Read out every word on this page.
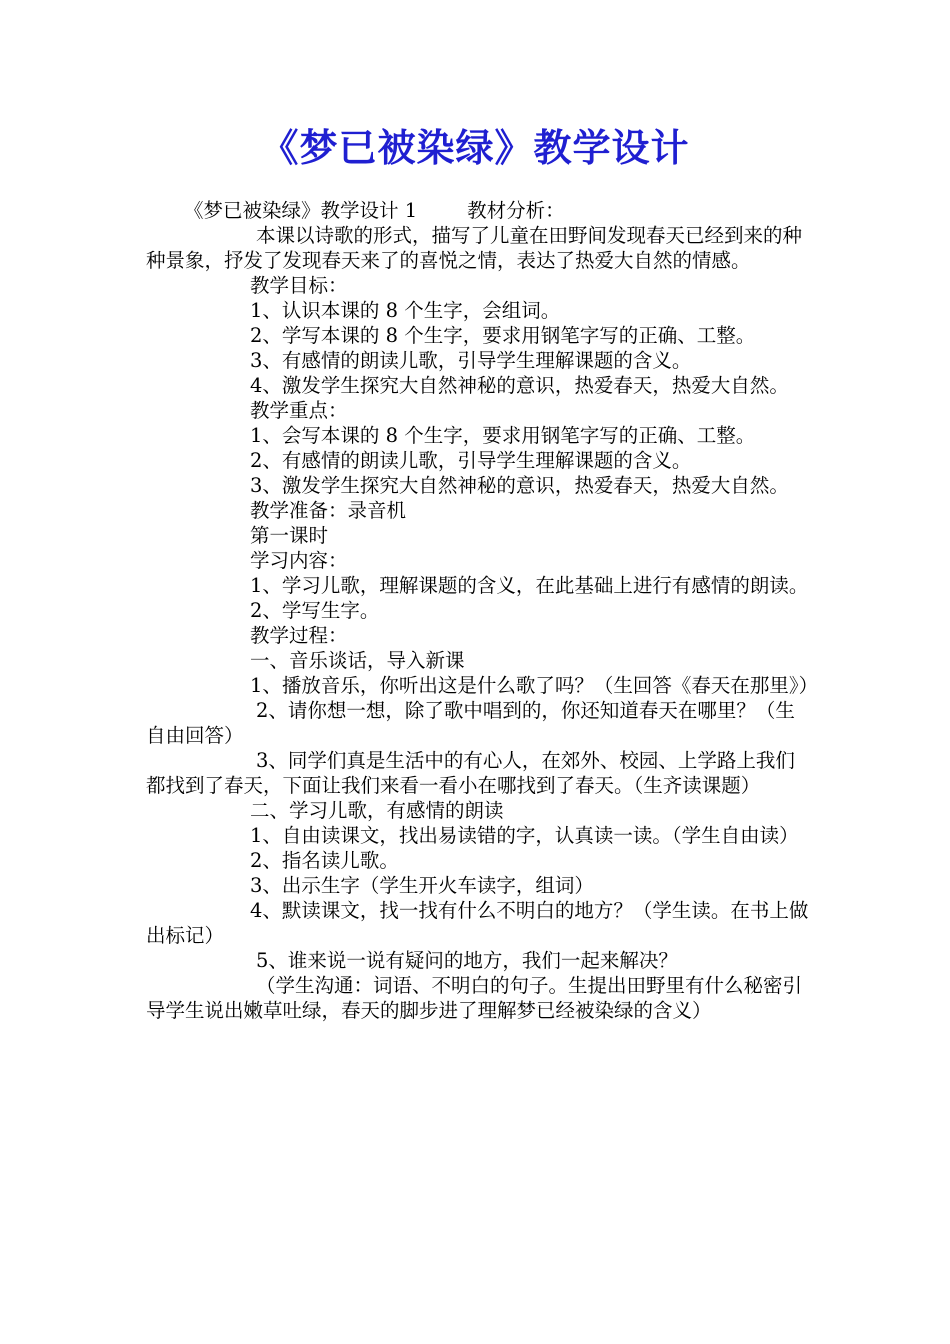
《梦已被染绿》教学设计

《梦已被染绿》教学设计 1	教材分析：

本课以诗歌的形式，描写了儿童在田野间发现春天已经到来的种种景象，抒发了发现春天来了的喜悦之情，表达了热爱大自然的情感。

教学目标：

1、认识本课的 8 个生字，会组词。

2、学写本课的 8 个生字，要求用钢笔字写的正确、工整。

3、有感情的朗读儿歌，引导学生理解课题的含义。

4、激发学生探究大自然神秘的意识，热爱春天，热爱大自然。

教学重点：

1、会写本课的 8 个生字，要求用钢笔字写的正确、工整。

2、有感情的朗读儿歌，引导学生理解课题的含义。

3、激发学生探究大自然神秘的意识，热爱春天，热爱大自然。

教学准备：录音机

第一课时

学习内容：

1、学习儿歌，理解课题的含义，在此基础上进行有感情的朗读。

2、学写生字。

教学过程：

一、音乐谈话，导入新课

1、播放音乐，你听出这是什么歌了吗？（生回答《春天在那里》）

2、请你想一想，除了歌中唱到的，你还知道春天在哪里？（生自由回答）

3、同学们真是生活中的有心人，在郊外、校园、上学路上我们都找到了春天，下面让我们来看一看小在哪找到了春天。（生齐读课题）

二、学习儿歌，有感情的朗读

1、自由读课文，找出易读错的字，认真读一读。（学生自由读）

2、指名读儿歌。

3、出示生字（学生开火车读字，组词）

4、默读课文，找一找有什么不明白的地方？（学生读。在书上做出标记）

5、谁来说一说有疑问的地方，我们一起来解决？

（学生沟通：词语、不明白的句子。生提出田野里有什么秘密引导学生说出嫩草吐绿，春天的脚步进了理解梦已经被染绿的含义）
